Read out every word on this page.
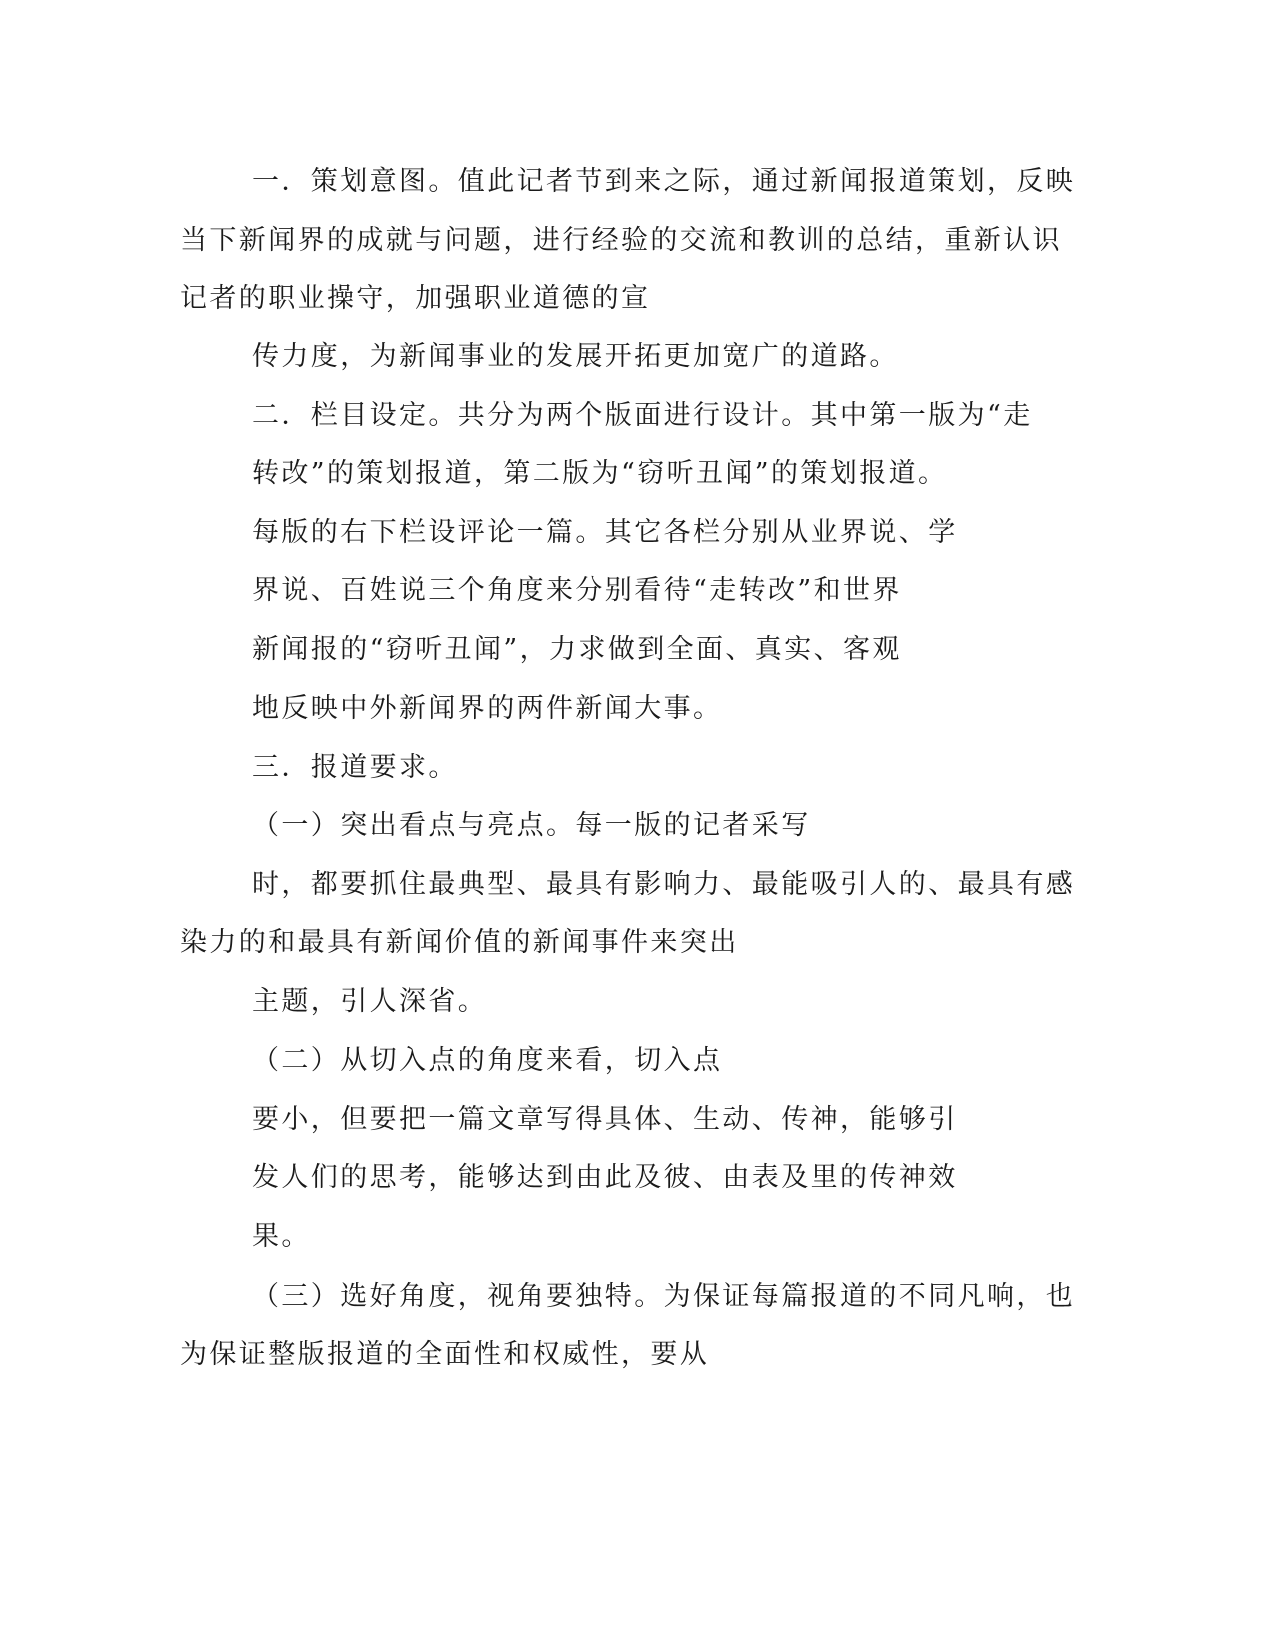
一．策划意图。值此记者节到来之际，通过新闻报道策划，反映

当下新闻界的成就与问题，进行经验的交流和教训的总结，重新认识

记者的职业操守，加强职业道德的宣

传力度，为新闻事业的发展开拓更加宽广的道路。

二．栏目设定。共分为两个版面进行设计。其中第一版为“走

转改”的策划报道，第二版为“窃听丑闻”的策划报道。

每版的右下栏设评论一篇。其它各栏分别从业界说、学

界说、百姓说三个角度来分别看待“走转改”和世界

新闻报的“窃听丑闻”，力求做到全面、真实、客观

地反映中外新闻界的两件新闻大事。

三．报道要求。

（一）突出看点与亮点。每一版的记者采写

时，都要抓住最典型、最具有影响力、最能吸引人的、最具有感

染力的和最具有新闻价值的新闻事件来突出

主题，引人深省。

（二）从切入点的角度来看，切入点

要小，但要把一篇文章写得具体、生动、传神，能够引

发人们的思考，能够达到由此及彼、由表及里的传神效

果。

（三）选好角度，视角要独特。为保证每篇报道的不同凡响，也

为保证整版报道的全面性和权威性，要从
